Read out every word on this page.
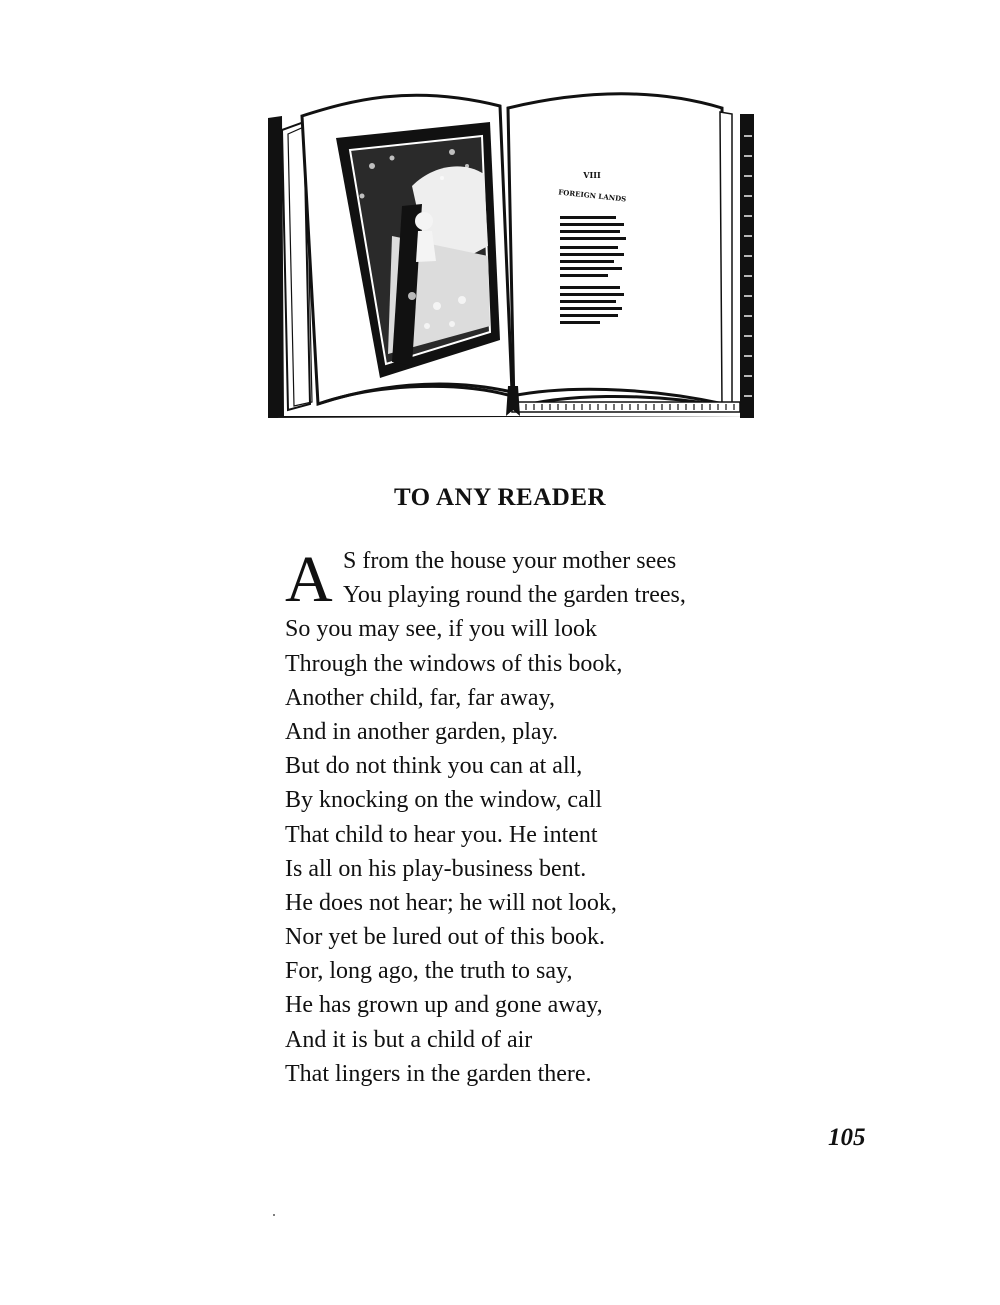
VIII
FOREIGN LANDS
TO ANY READER
A S from the house your mother sees
You playing round the garden trees,
So you may see, if you will look
Through the windows of this book,
Another child, far, far away,
And in another garden, play.
But do not think you can at all,
By knocking on the window, call
That child to hear you. He intent
Is all on his play-business bent.
He does not hear; he will not look,
Nor yet be lured out of this book.
For, long ago, the truth to say,
He has grown up and gone away,
And it is but a child of air
That lingers in the garden there.
105
